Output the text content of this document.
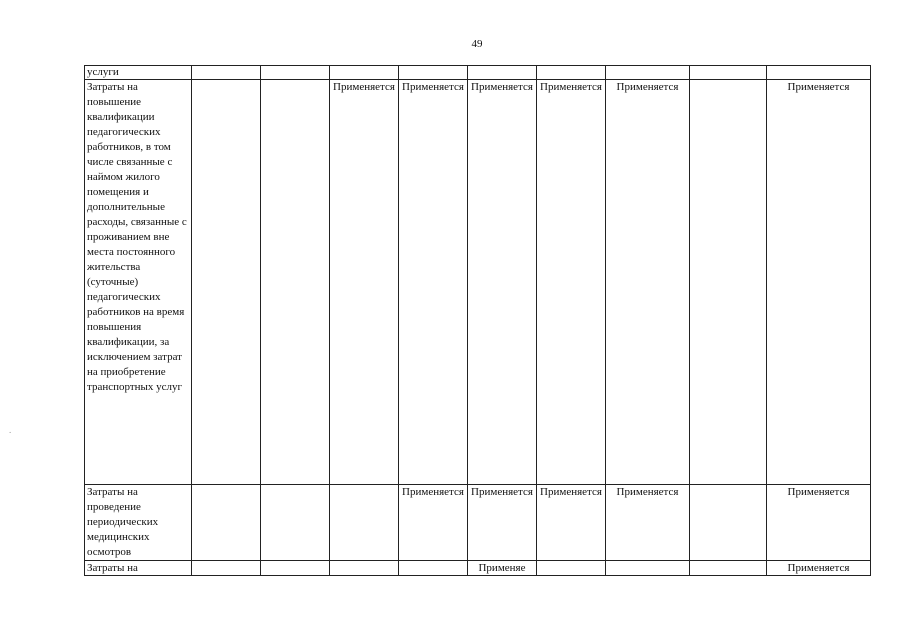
49
.
услуги									
Затраты на повышение квалификации педагогических работников, в том числе связанные с наймом жилого помещения и дополнительные расходы, связанные с проживанием вне места постоянного жительства (суточные) педагогических работников на время повышения квалификации, за исключением затрат на приобретение транспортных услуг			Применяется	Применяется	Применяется	Применяется	Применяется		Применяется
Затраты на проведение периодических медицинских осмотров				Применяется	Применяется	Применяется	Применяется		Применяется
Затраты на					Применяе				Применяется
